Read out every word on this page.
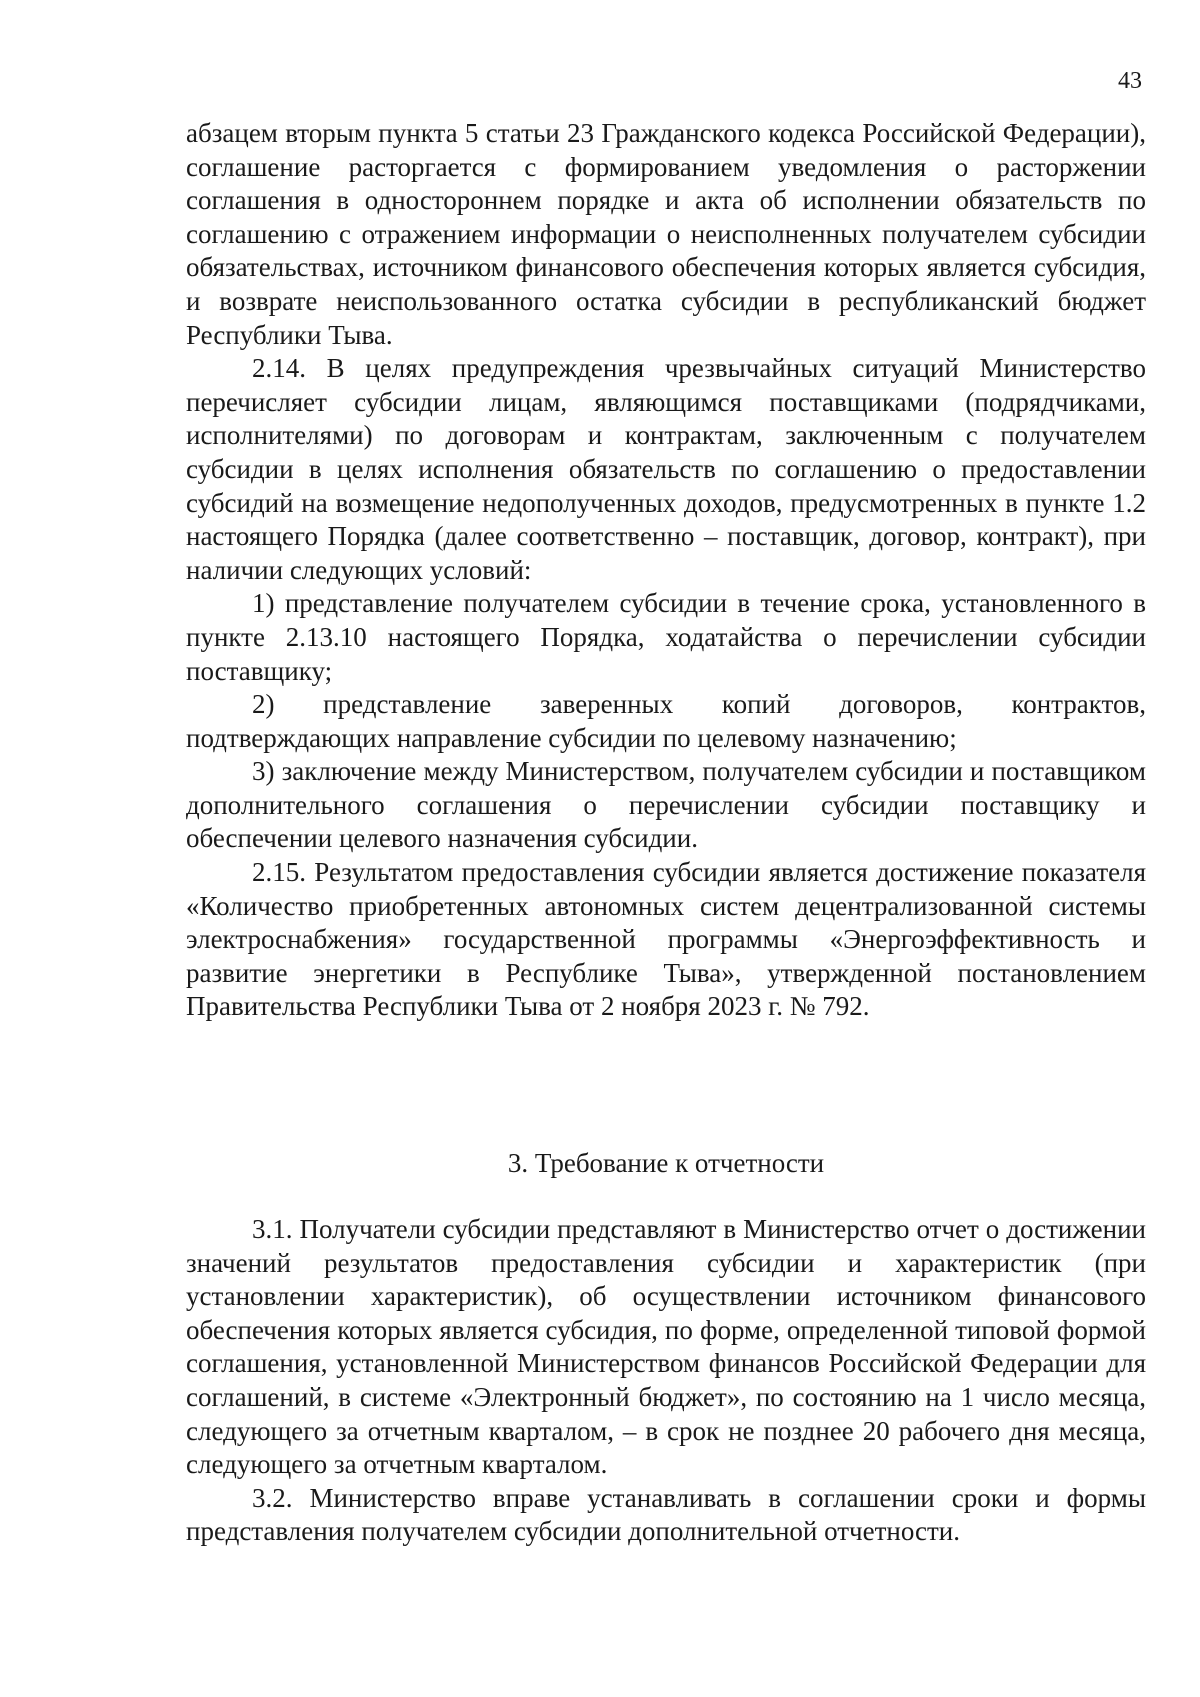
43

абзацем вторым пункта 5 статьи 23 Гражданского кодекса Российской Федерации), соглашение расторгается с формированием уведомления о расторжении соглашения в одностороннем порядке и акта об исполнении обязательств по соглашению с отражением информации о неисполненных получателем субсидии обязательствах, источником финансового обеспечения которых является субсидия, и возврате неиспользованного остатка субсидии в республиканский бюджет Республики Тыва.

2.14. В целях предупреждения чрезвычайных ситуаций Министерство перечисляет субсидии лицам, являющимся поставщиками (подрядчиками, исполнителями) по договорам и контрактам, заключенным с получателем субсидии в целях исполнения обязательств по соглашению о предоставлении субсидий на возмещение недополученных доходов, предусмотренных в пункте 1.2 настоящего Порядка (далее соответственно – поставщик, договор, контракт), при наличии следующих условий:

1) представление получателем субсидии в течение срока, установленного в пункте 2.13.10 настоящего Порядка, ходатайства о перечислении субсидии поставщику;

2) представление заверенных копий договоров, контрактов, подтверждающих направление субсидии по целевому назначению;

3) заключение между Министерством, получателем субсидии и поставщиком дополнительного соглашения о перечислении субсидии поставщику и обеспечении целевого назначения субсидии.

2.15. Результатом предоставления субсидии является достижение показателя «Количество приобретенных автономных систем децентрализованной системы электроснабжения» государственной программы «Энергоэффективность и развитие энергетики в Республике Тыва», утвержденной постановлением Правительства Республики Тыва от 2 ноября 2023 г. № 792.

3. Требование к отчетности

3.1. Получатели субсидии представляют в Министерство отчет о достижении значений результатов предоставления субсидии и характеристик (при установлении характеристик), об осуществлении источником финансового обеспечения которых является субсидия, по форме, определенной типовой формой соглашения, установленной Министерством финансов Российской Федерации для соглашений, в системе «Электронный бюджет», по состоянию на 1 число месяца, следующего за отчетным кварталом, – в срок не позднее 20 рабочего дня месяца, следующего за отчетным кварталом.

3.2. Министерство вправе устанавливать в соглашении сроки и формы представления получателем субсидии дополнительной отчетности.
